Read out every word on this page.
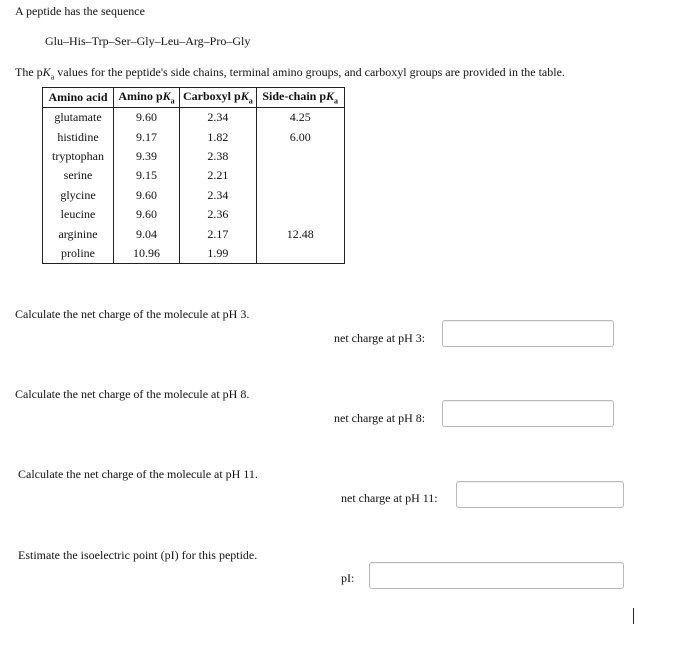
A peptide has the sequence
Glu–His–Trp–Ser–Gly–Leu–Arg–Pro–Gly
The $pK_a$ values for the peptide's side chains, terminal amino groups, and carboxyl groups are provided in the table.
Amino acid	Amino $pK_a$	Carboxyl $pK_a$	Side-chain $pK_a$
glutamate	9.60	2.34	4.25
histidine	9.17	1.82	6.00
tryptophan	9.39	2.38	
serine	9.15	2.21	
glycine	9.60	2.34	
leucine	9.60	2.36	
arginine	9.04	2.17	12.48
proline	10.96	1.99	
Calculate the net charge of the molecule at pH 3.
net charge at pH 3:
Calculate the net charge of the molecule at pH 8.
net charge at pH 8:
Calculate the net charge of the molecule at pH 11.
net charge at pH 11:
Estimate the isoelectric point (pI) for this peptide.
pI:
